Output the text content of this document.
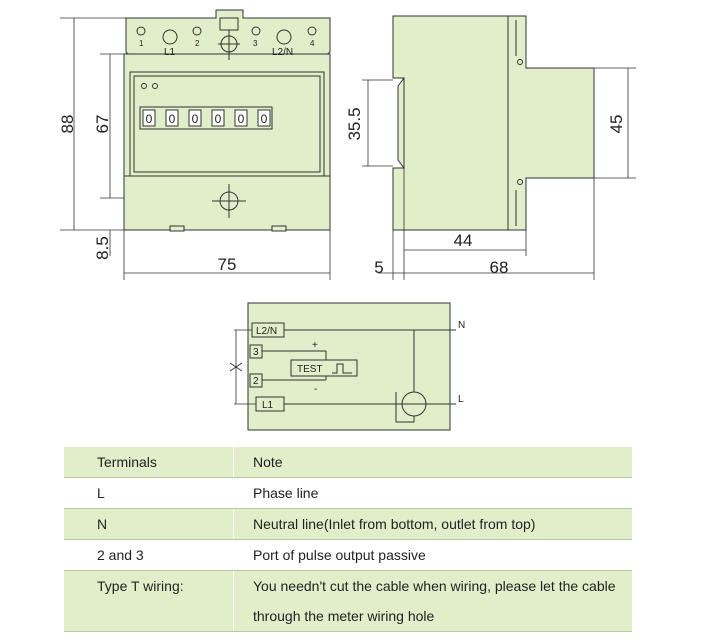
0 0 0 0 0 0
1	2	3	4
L1	L2/N
88 67
8.5
75
35.5	45
44
5	68
L2/N
3
2
L1
TEST
+
-
N
L
Terminals	Note
L	Phase line
N	Neutral line(Inlet from bottom, outlet from top)
2 and 3	Port of pulse output passive
Type T wiring:	You needn't cut the cable when wiring, please let the cable
through the meter wiring hole
